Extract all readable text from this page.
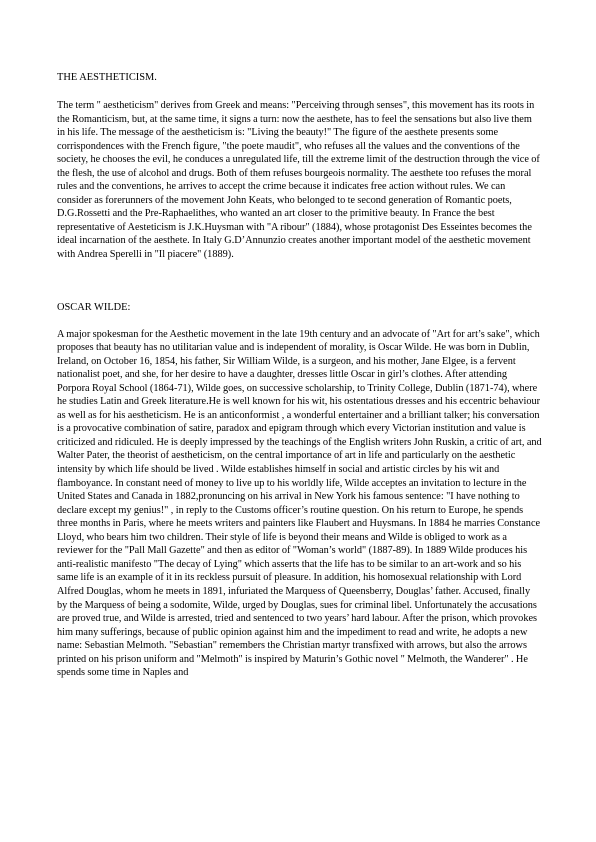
THE AESTHETICISM.

The term " aestheticism" derives from Greek and means: "Perceiving through senses", this movement has its roots in the Romanticism, but, at the same time, it signs a turn: now the aesthete, has to feel the sensations but also live them in his life. The message of the aestheticism is: "Living the beauty!" The figure of the aesthete presents some corrispondences with the French figure, "the poete maudit", who refuses all the values and the conventions of the society, he chooses the evil, he conduces a unregulated life, till the extreme limit of the destruction through the vice of the flesh, the use of alcohol and drugs. Both of them refuses bourgeois normality. The aesthete too refuses the moral rules and the conventions, he arrives to accept the crime because it indicates free action without rules. We can consider as forerunners of the movement John Keats, who belonged to te second generation of Romantic poets, D.G.Rossetti and the Pre-Raphaelithes, who wanted an art closer to the primitive beauty. In France the best representative of Aesteticism is J.K.Huysman with "A ribour" (1884), whose protagonist Des Esseintes becomes the ideal incarnation of the aesthete. In Italy G.D’Annunzio creates another important model of the aesthetic movement with Andrea Sperelli in "Il piacere" (1889).

OSCAR WILDE:

A major spokesman for the Aesthetic movement in the late 19th century and an advocate of "Art for art’s sake", which proposes that beauty has no utilitarian value and is independent of morality, is Oscar Wilde. He was born in Dublin, Ireland, on October 16, 1854, his father, Sir William Wilde, is a surgeon, and his mother, Jane Elgee, is a fervent nationalist poet, and she, for her desire to have a daughter, dresses little Oscar in girl’s clothes. After attending Porpora Royal School (1864-71), Wilde goes, on successive scholarship, to Trinity College, Dublin (1871-74), where he studies Latin and Greek literature.He is well known for his wit, his ostentatious dresses and his eccentric behaviour as well as for his aestheticism. He is an anticonformist , a wonderful entertainer and a brilliant talker; his conversation is a provocative combination of satire, paradox and epigram through which every Victorian institution and value is criticized and ridiculed. He is deeply impressed by the teachings of the English writers John Ruskin, a critic of art, and Walter Pater, the theorist of aestheticism, on the central importance of art in life and particularly on the aesthetic intensity by which life should be lived . Wilde establishes himself in social and artistic circles by his wit and flamboyance. In constant need of money to live up to his worldly life, Wilde acceptes an invitation to lecture in the United States and Canada in 1882,pronuncing on his arrival in New York his famous sentence: "I have nothing to declare except my genius!" , in reply to the Customs officer’s routine question. On his return to Europe, he spends three months in Paris, where he meets writers and painters like Flaubert and Huysmans. In 1884 he marries Constance Lloyd, who bears him two children. Their style of life is beyond their means and Wilde is obliged to work as a reviewer for the "Pall Mall Gazette" and then as editor of "Woman’s world" (1887-89). In 1889 Wilde produces his anti-realistic manifesto "The decay of Lying" which asserts that the life has to be similar to an art-work and so his same life is an example of it in its reckless pursuit of pleasure. In addition, his homosexual relationship with Lord Alfred Douglas, whom he meets in 1891, infuriated the Marquess of Queensberry, Douglas’ father. Accused, finally by the Marquess of being a sodomite, Wilde, urged by Douglas, sues for criminal libel. Unfortunately the accusations are proved true, and Wilde is arrested, tried and sentenced to two years’ hard labour. After the prison, which provokes him many sufferings, because of public opinion against him and the impediment to read and write, he adopts a new name: Sebastian Melmoth. "Sebastian" remembers the Christian martyr transfixed with arrows, but also the arrows printed on his prison uniform and "Melmoth" is inspired by Maturin’s Gothic novel " Melmoth, the Wanderer" . He spends some time in Naples and
